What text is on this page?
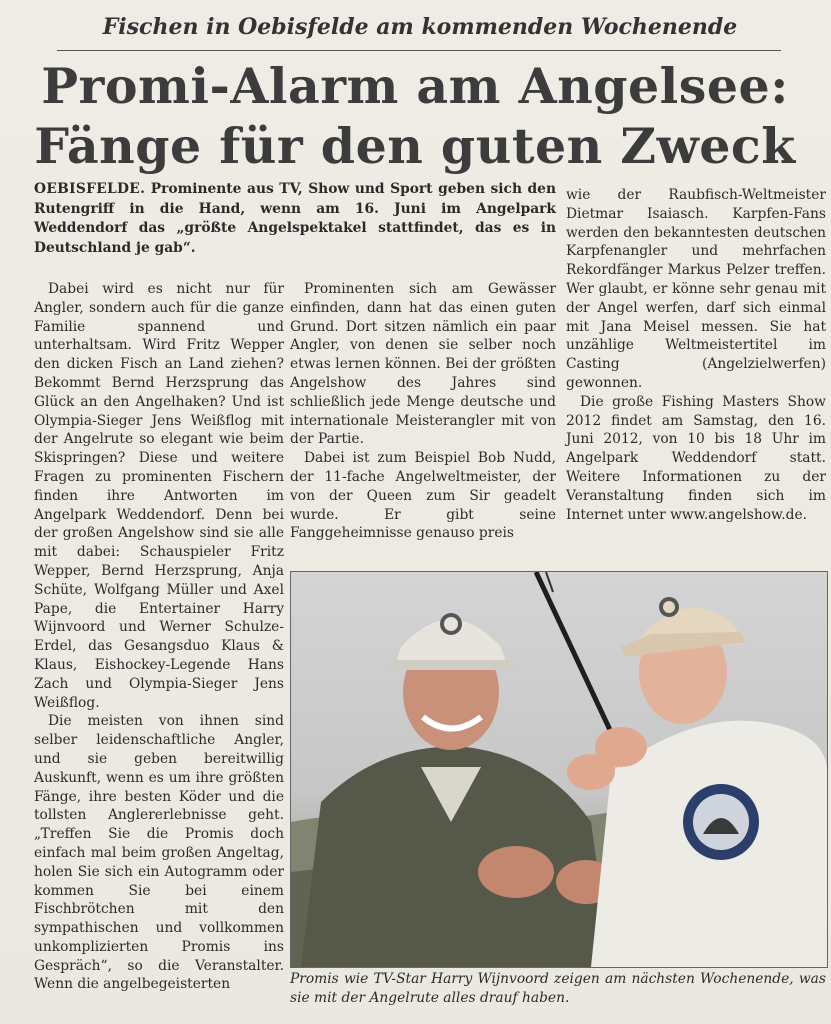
Fischen in Oebisfelde am kommenden Wochenende
Promi-Alarm am Angelsee:
Fänge für den guten Zweck
OEBISFELDE. Prominente aus TV, Show und Sport geben sich den Rutengriff in die Hand, wenn am 16. Juni im Angelpark Weddendorf das „größte Angelspektakel stattfindet, das es in Deutschland je gab“.

Dabei wird es nicht nur für Angler, sondern auch für die ganze Familie spannend und unterhaltsam. Wird Fritz Wepper den dicken Fisch an Land ziehen? Bekommt Bernd Herzsprung das Glück an den Angelhaken? Und ist Olympia-Sieger Jens Weißflog mit der Angelrute so elegant wie beim Skispringen? Diese und weitere Fragen zu prominenten Fischern finden ihre Antworten im Angelpark Weddendorf. Denn bei der großen Angelshow sind sie alle mit dabei: Schauspieler Fritz Wepper, Bernd Herzsprung, Anja Schüte, Wolfgang Müller und Axel Pape, die Entertainer Harry Wijnvoord und Werner Schulze-Erdel, das Gesangsduo Klaus & Klaus, Eishockey-Legende Hans Zach und Olympia-Sieger Jens Weißflog.

Die meisten von ihnen sind selber leidenschaftliche Angler, und sie geben bereitwillig Auskunft, wenn es um ihre größten Fänge, ihre besten Köder und die tollsten Anglererlebnisse geht. „Treffen Sie die Promis doch einfach mal beim großen Angeltag, holen Sie sich ein Autogramm oder kommen Sie bei einem Fischbrötchen mit den sympathischen und vollkommen unkomplizierten Promis ins Gespräch“, so die Veranstalter. Wenn die angelbegeisterten

Prominenten sich am Gewässer einfinden, dann hat das einen guten Grund. Dort sitzen nämlich ein paar Angler, von denen sie selber noch etwas lernen können. Bei der größten Angelshow des Jahres sind schließlich jede Menge deutsche und internationale Meisterangler mit von der Partie.

Dabei ist zum Beispiel Bob Nudd, der 11-fache Angelweltmeister, der von der Queen zum Sir geadelt wurde. Er gibt seine Fanggeheimnisse genauso preis

wie der Raubfisch-Weltmeister Dietmar Isaiasch. Karpfen-Fans werden den bekanntesten deutschen Karpfenangler und mehrfachen Rekordfänger Markus Pelzer treffen. Wer glaubt, er könne sehr genau mit der Angel werfen, darf sich einmal mit Jana Meisel messen. Sie hat unzählige Weltmeistertitel im Casting (Angelzielwerfen) gewonnen.

Die große Fishing Masters Show 2012 findet am Samstag, den 16. Juni 2012, von 10 bis 18 Uhr im Angelpark Weddendorf statt. Weitere Informationen zu der Veranstaltung finden sich im Internet unter www.angelshow.de.

Promis wie TV-Star Harry Wijnvoord zeigen am nächsten Wochenende, was sie mit der Angelrute alles drauf haben.
